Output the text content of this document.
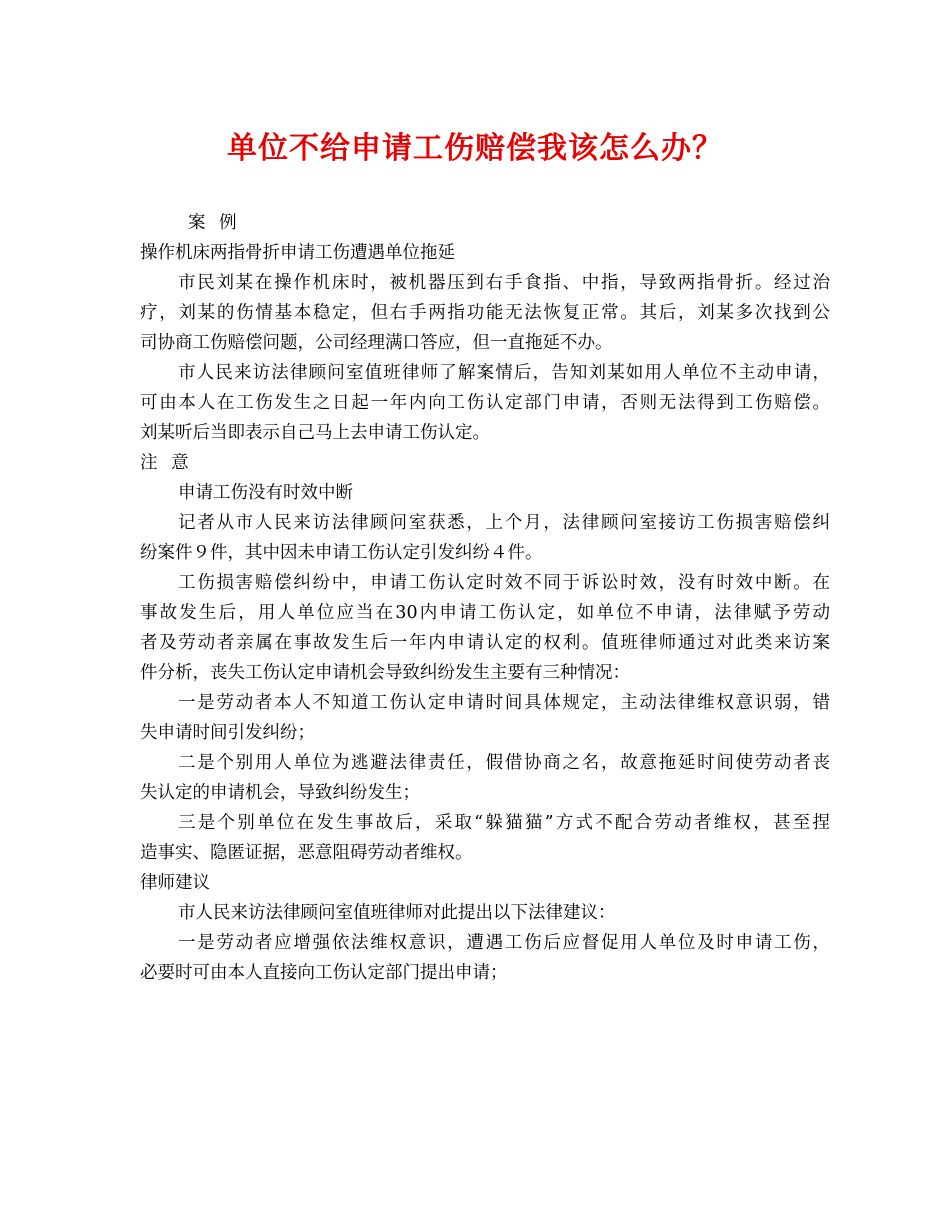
单位不给申请工伤赔偿我该怎么办？
案 例
操作机床两指骨折申请工伤遭遇单位拖延
市民刘某在操作机床时，被机器压到右手食指、中指，导致两指骨折。经过治
疗，刘某的伤情基本稳定，但右手两指功能无法恢复正常。其后，刘某多次找到公
司协商工伤赔偿问题，公司经理满口答应，但一直拖延不办。
市人民来访法律顾问室值班律师了解案情后，告知刘某如用人单位不主动申请，
可由本人在工伤发生之日起一年内向工伤认定部门申请，否则无法得到工伤赔偿。
刘某听后当即表示自己马上去申请工伤认定。
注 意
申请工伤没有时效中断
记者从市人民来访法律顾问室获悉，上个月，法律顾问室接访工伤损害赔偿纠
纷案件９件，其中因未申请工伤认定引发纠纷４件。
工伤损害赔偿纠纷中，申请工伤认定时效不同于诉讼时效，没有时效中断。在
事故发生后，用人单位应当在30内申请工伤认定，如单位不申请，法律赋予劳动
者及劳动者亲属在事故发生后一年内申请认定的权利。值班律师通过对此类来访案
件分析，丧失工伤认定申请机会导致纠纷发生主要有三种情况：
一是劳动者本人不知道工伤认定申请时间具体规定，主动法律维权意识弱，错
失申请时间引发纠纷；
二是个别用人单位为逃避法律责任，假借协商之名，故意拖延时间使劳动者丧
失认定的申请机会，导致纠纷发生；
三是个别单位在发生事故后，采取“躲猫猫”方式不配合劳动者维权，甚至捏
造事实、隐匿证据，恶意阻碍劳动者维权。
律师建议
市人民来访法律顾问室值班律师对此提出以下法律建议：
一是劳动者应增强依法维权意识，遭遇工伤后应督促用人单位及时申请工伤，
必要时可由本人直接向工伤认定部门提出申请；
